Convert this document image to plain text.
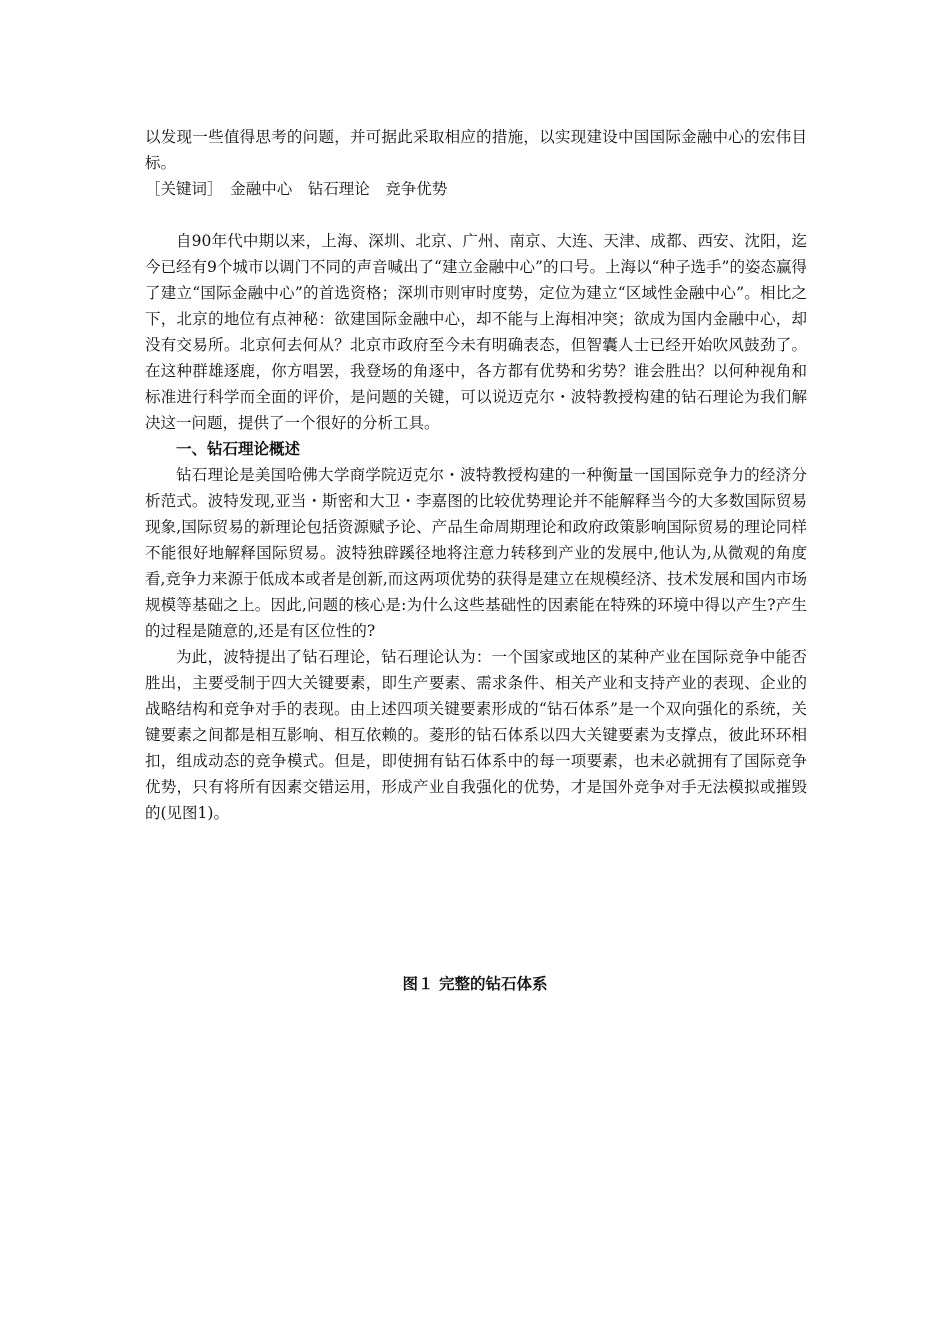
以发现一些值得思考的问题，并可据此采取相应的措施，以实现建设中国国际金融中心的宏伟目标。

［关键词］　金融中心　钻石理论　竞争优势

自90年代中期以来，上海、深圳、北京、广州、南京、大连、天津、成都、西安、沈阳，迄今已经有9个城市以调门不同的声音喊出了“建立金融中心”的口号。上海以“种子选手”的姿态赢得了建立“国际金融中心”的首选资格；深圳市则审时度势，定位为建立“区域性金融中心”。相比之下，北京的地位有点神秘：欲建国际金融中心，却不能与上海相冲突；欲成为国内金融中心，却没有交易所。北京何去何从？北京市政府至今未有明确表态，但智囊人士已经开始吹风鼓劲了。在这种群雄逐鹿，你方唱罢，我登场的角逐中，各方都有优势和劣势？谁会胜出？以何种视角和标准进行科学而全面的评价，是问题的关键，可以说迈克尔・波特教授构建的钻石理论为我们解决这一问题，提供了一个很好的分析工具。

一、钻石理论概述

钻石理论是美国哈佛大学商学院迈克尔・波特教授构建的一种衡量一国国际竞争力的经济分析范式。波特发现,亚当・斯密和大卫・李嘉图的比较优势理论并不能解释当今的大多数国际贸易现象,国际贸易的新理论包括资源赋予论、产品生命周期理论和政府政策影响国际贸易的理论同样不能很好地解释国际贸易。波特独辟蹊径地将注意力转移到产业的发展中,他认为,从微观的角度看,竞争力来源于低成本或者是创新,而这两项优势的获得是建立在规模经济、技术发展和国内市场规模等基础之上。因此,问题的核心是:为什么这些基础性的因素能在特殊的环境中得以产生?产生的过程是随意的,还是有区位性的?

为此，波特提出了钻石理论，钻石理论认为：一个国家或地区的某种产业在国际竞争中能否胜出，主要受制于四大关键要素，即生产要素、需求条件、相关产业和支持产业的表现、企业的战略结构和竞争对手的表现。由上述四项关键要素形成的“钻石体系”是一个双向强化的系统，关键要素之间都是相互影响、相互依赖的。菱形的钻石体系以四大关键要素为支撑点，彼此环环相扣，组成动态的竞争模式。但是，即使拥有钻石体系中的每一项要素，也未必就拥有了国际竞争优势，只有将所有因素交错运用，形成产业自我强化的优势，才是国外竞争对手无法模拟或摧毁的(见图1)。

图１ 完整的钻石体系
